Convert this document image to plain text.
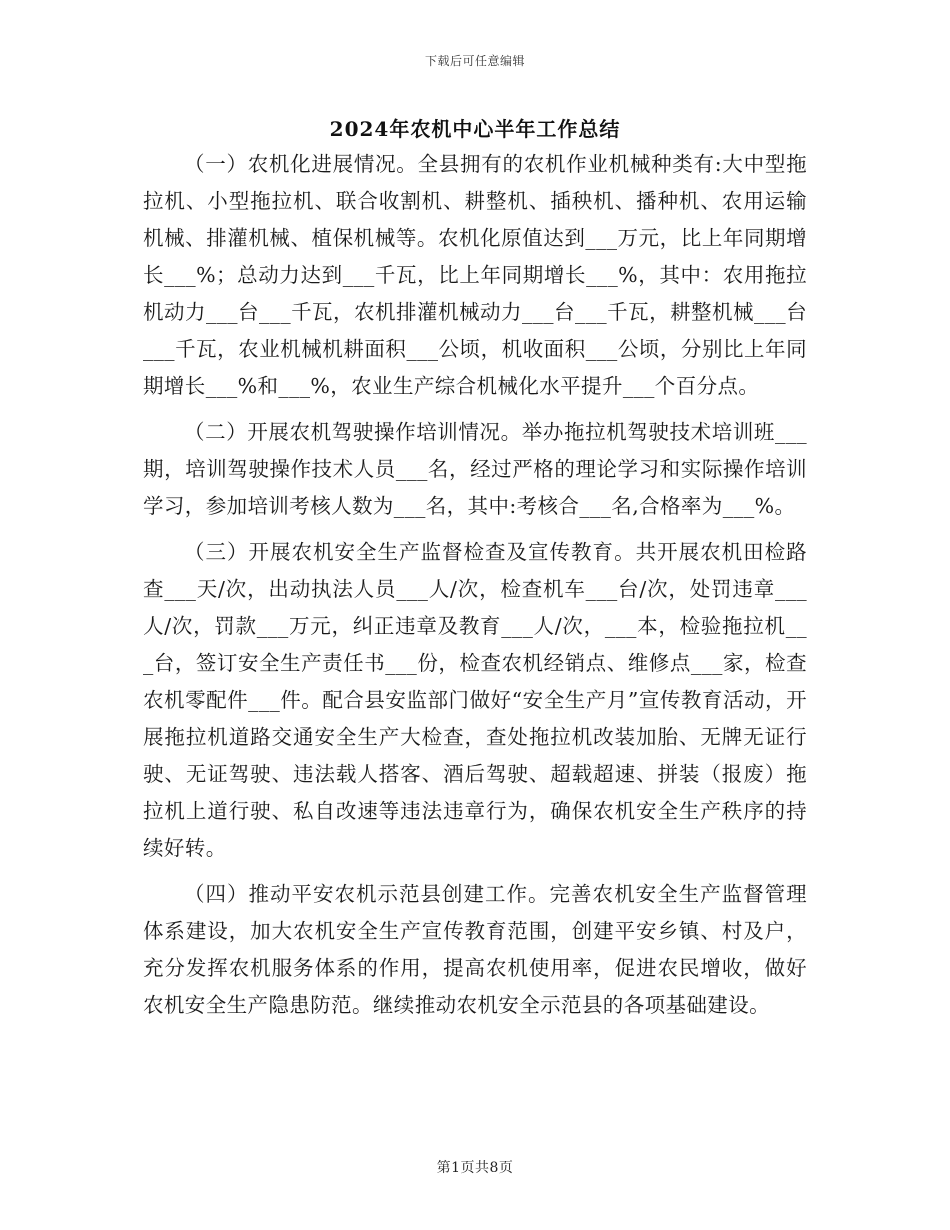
下载后可任意编辑
2024年农机中心半年工作总结

（一）农机化进展情况。全县拥有的农机作业机械种类有:大中型拖拉机、小型拖拉机、联合收割机、耕整机、插秧机、播种机、农用运输机械、排灌机械、植保机械等。农机化原值达到___万元，比上年同期增长___%；总动力达到___千瓦，比上年同期增长___%，其中：农用拖拉机动力___台___千瓦，农机排灌机械动力___台___千瓦，耕整机械___台___千瓦，农业机械机耕面积___公顷，机收面积___公顷，分别比上年同期增长___%和___%，农业生产综合机械化水平提升___个百分点。

（二）开展农机驾驶操作培训情况。举办拖拉机驾驶技术培训班___期，培训驾驶操作技术人员___名，经过严格的理论学习和实际操作培训学习，参加培训考核人数为___名，其中:考核合___名,合格率为___%。

（三）开展农机安全生产监督检查及宣传教育。共开展农机田检路查___天/次，出动执法人员___人/次，检查机车___台/次，处罚违章___人/次，罚款___万元，纠正违章及教育___人/次，___本，检验拖拉机___台，签订安全生产责任书___份，检查农机经销点、维修点___家，检查农机零配件___件。配合县安监部门做好“安全生产月”宣传教育活动，开展拖拉机道路交通安全生产大检查，查处拖拉机改装加胎、无牌无证行驶、无证驾驶、违法载人搭客、酒后驾驶、超载超速、拼装（报废）拖拉机上道行驶、私自改速等违法违章行为，确保农机安全生产秩序的持续好转。

（四）推动平安农机示范县创建工作。完善农机安全生产监督管理体系建设，加大农机安全生产宣传教育范围，创建平安乡镇、村及户，充分发挥农机服务体系的作用，提高农机使用率，促进农民增收，做好农机安全生产隐患防范。继续推动农机安全示范县的各项基础建设。

第1页共8页
